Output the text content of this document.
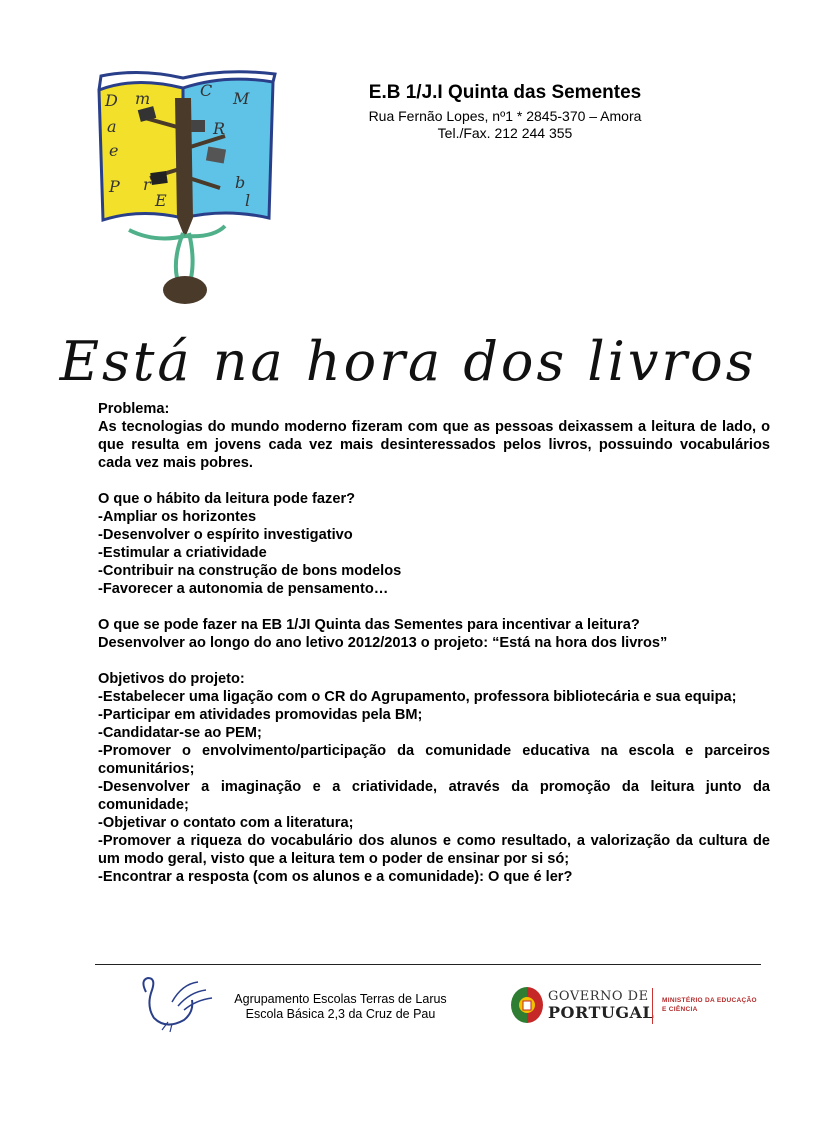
D m	M
a
C
R
e
P r
E
b
l
E.B 1/J.I Quinta das Sementes
Rua Fernão Lopes, nº1 * 2845-370 – Amora
Tel./Fax. 212 244 355
Está na hora dos livros

Problema:

As tecnologias do mundo moderno fizeram com que as pessoas deixassem a leitura de lado, o que resulta em jovens cada vez mais desinteressados pelos livros, possuindo vocabulários cada vez mais pobres.

O que o hábito da leitura pode fazer?

-Ampliar os horizontes

-Desenvolver o espírito investigativo

-Estimular a criatividade

-Contribuir na construção de bons modelos

-Favorecer a autonomia de pensamento…

O que se pode fazer na EB 1/JI Quinta das Sementes para incentivar a leitura?

Desenvolver ao longo do ano letivo 2012/2013 o projeto: “Está na hora dos livros”

Objetivos do projeto:

-Estabelecer uma ligação com o CR do Agrupamento, professora bibliotecária e sua equipa;

-Participar em atividades promovidas pela BM;

-Candidatar-se ao PEM;

-Promover o envolvimento/participação da comunidade educativa na escola e parceiros comunitários;

-Desenvolver a imaginação e a criatividade, através da promoção da leitura junto da comunidade;

-Objetivar o contato com a literatura;

-Promover a riqueza do vocabulário dos alunos e como resultado, a valorização da cultura de um modo geral, visto que a leitura tem o poder de ensinar por si só;

-Encontrar a resposta (com os alunos e a comunidade): O que é ler?

Agrupamento Escolas Terras de Larus
Escola Básica 2,3 da Cruz de Pau
GOVERNO DE
PORTUGAL
MINISTÉRIO DA EDUCAÇÃO
E CIÊNCIA
